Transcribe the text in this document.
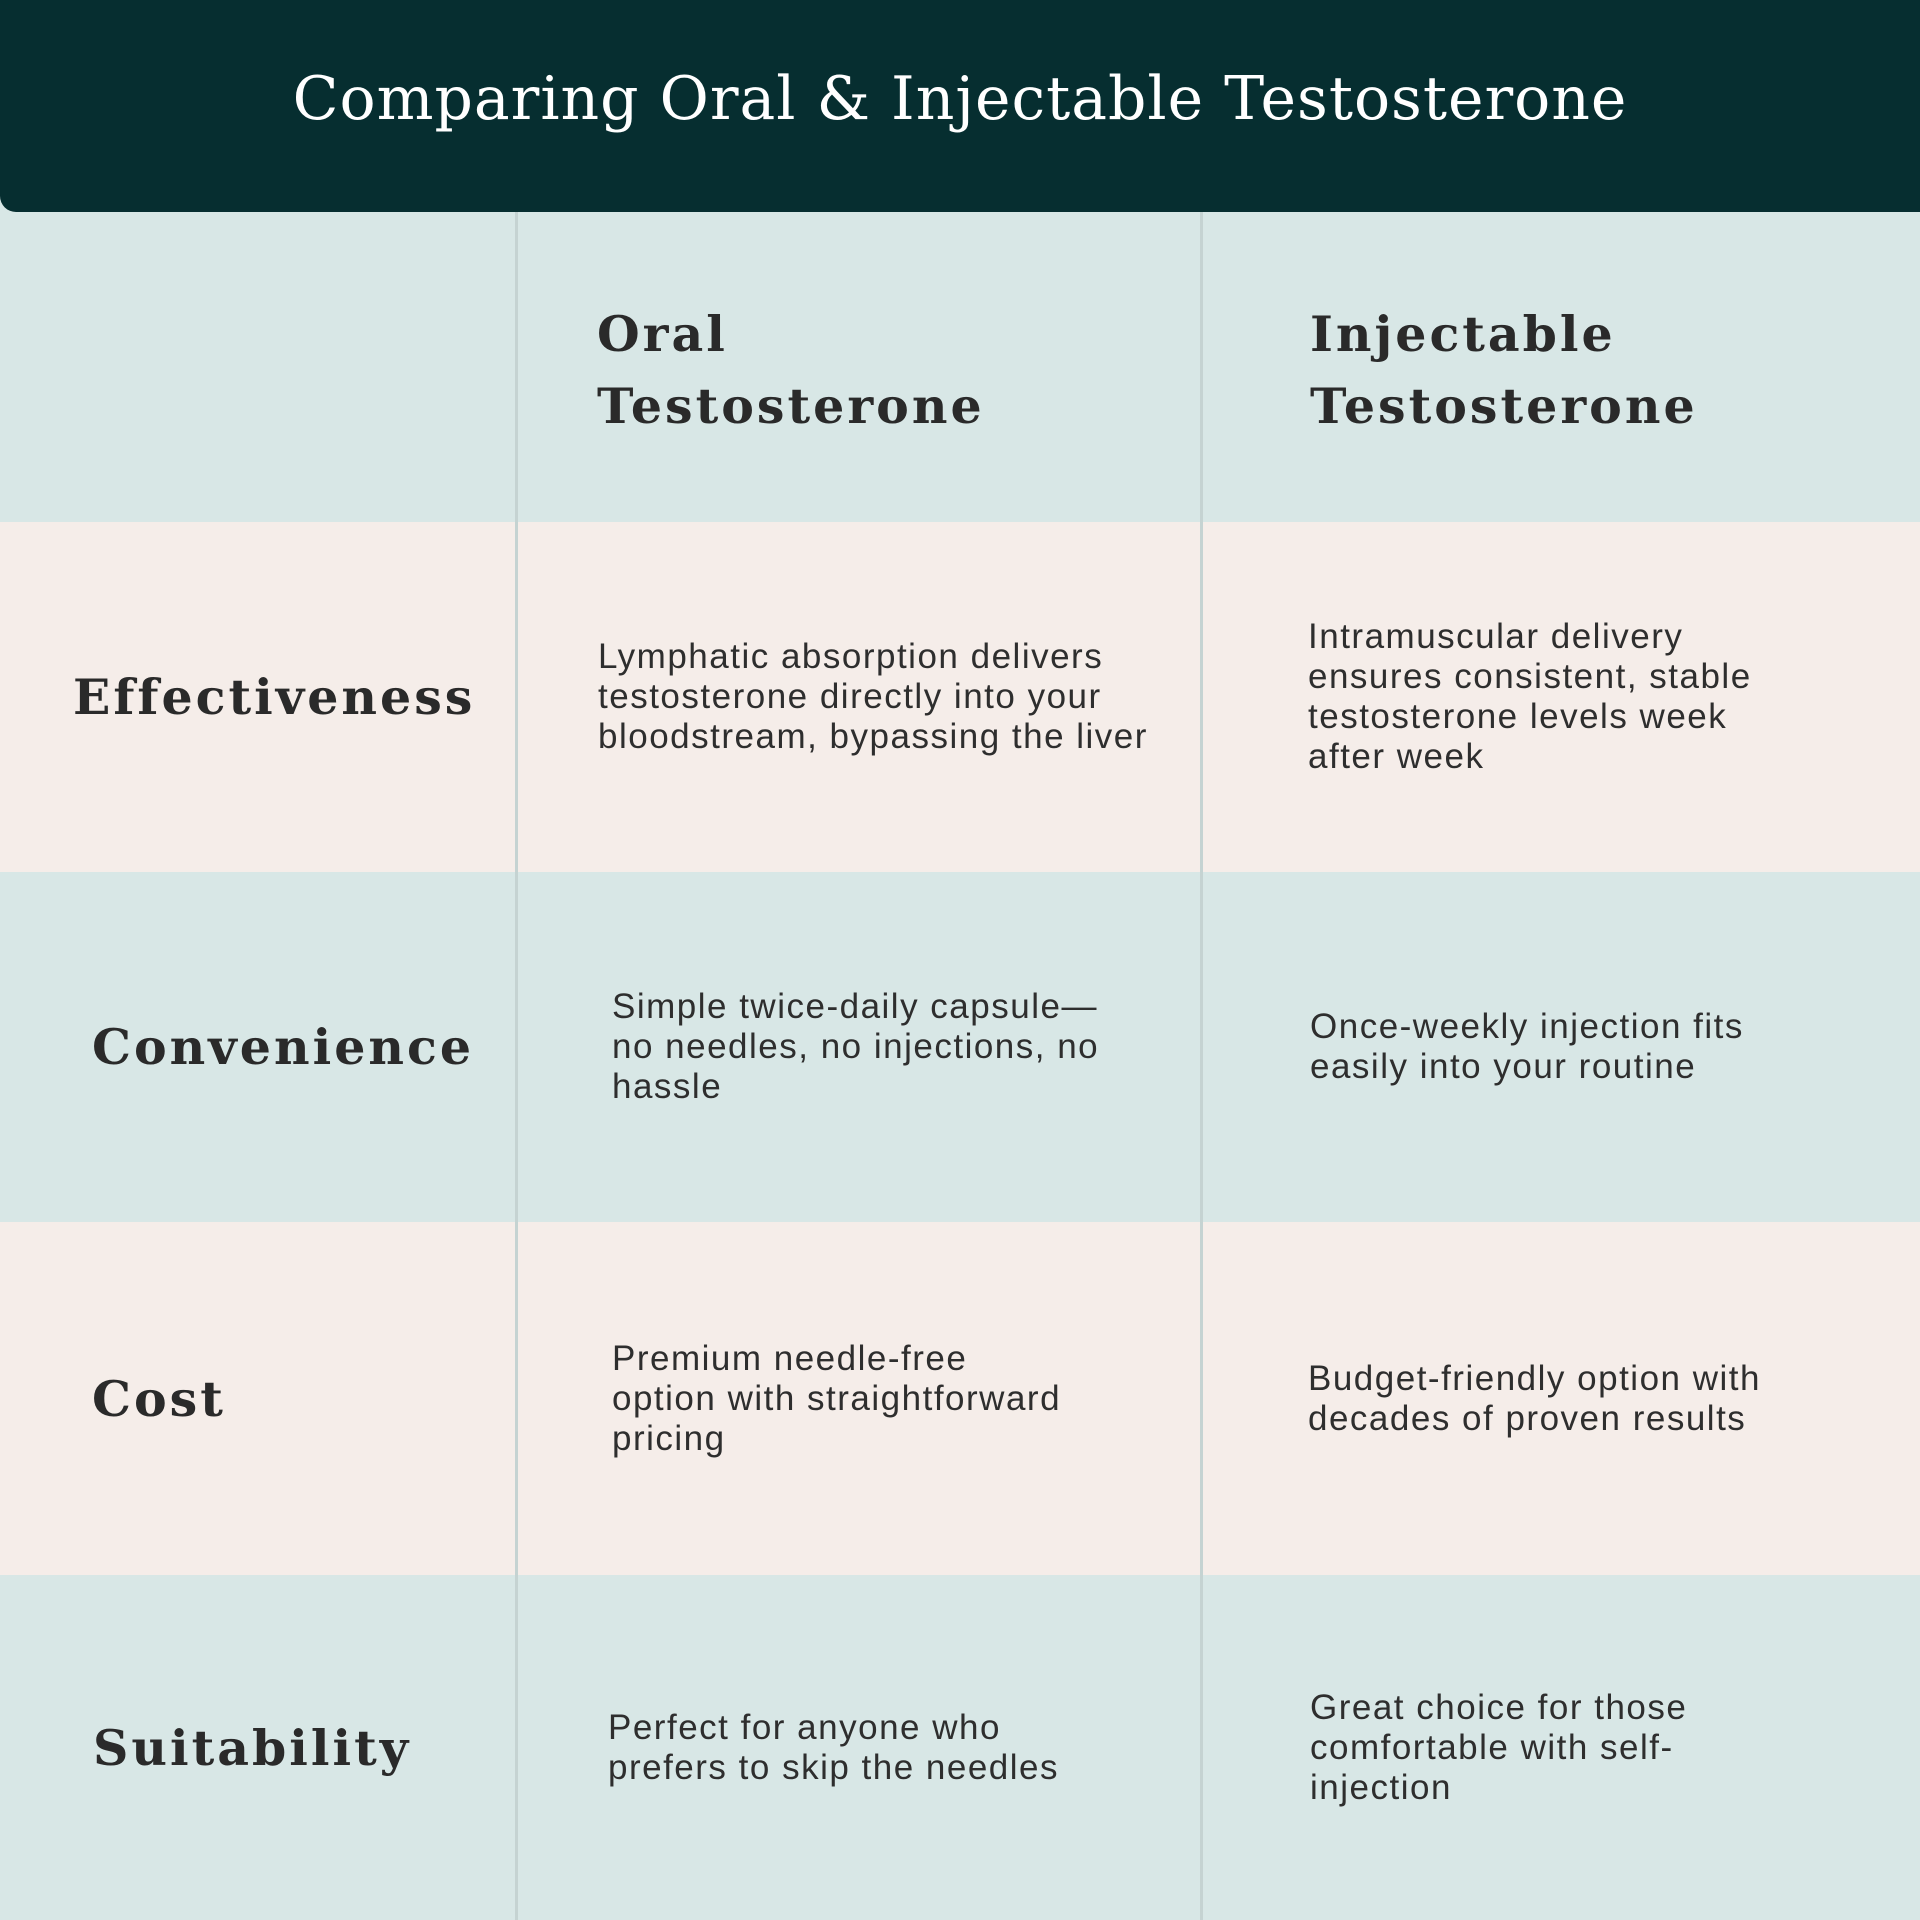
Comparing Oral & Injectable Testosterone
Oral
Testosterone
Injectable
Testosterone
Effectiveness
Lymphatic absorption delivers testosterone directly into your bloodstream, bypassing the liver
Intramuscular delivery ensures consistent, stable testosterone levels week after week
Convenience
Simple twice-daily capsule—no needles, no injections, no hassle
Once-weekly injection fits easily into your routine
Cost
Premium needle-free option with straightforward pricing
Budget-friendly option with decades of proven results
Suitability	Perfect for anyone who prefers to skip the needles
Great choice for those comfortable with self-injection
